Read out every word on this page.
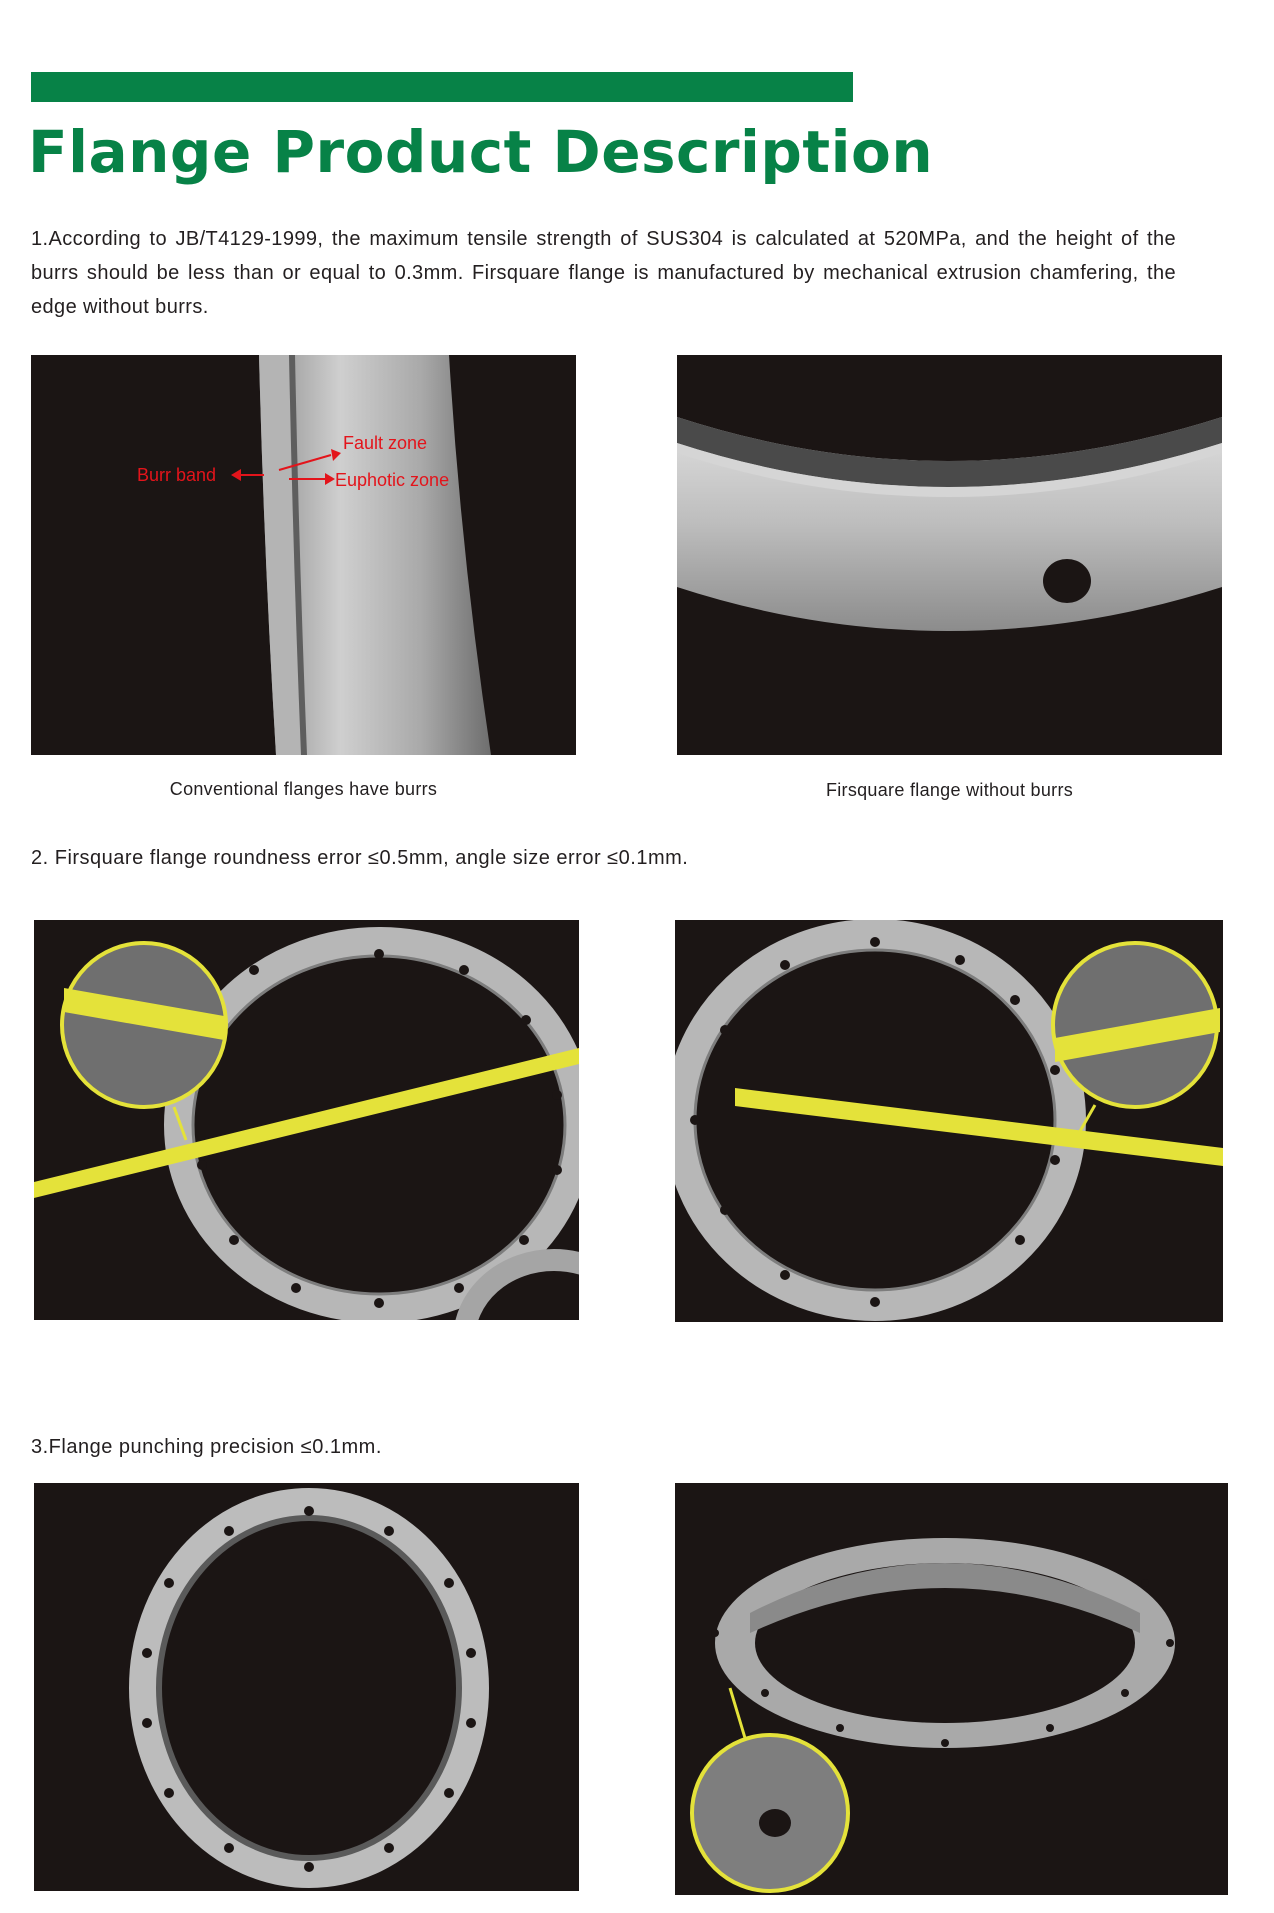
Flange Product Description

1.According to JB/T4129-1999, the maximum tensile strength of SUS304 is calculated at 520MPa, and the height of the burrs should be less than or equal to 0.3mm. Firsquare flange is manufactured by mechanical extrusion chamfering, the edge without burrs.

Fault zone
Burr band	Euphotic zone

Conventional flanges have burrs	Firsquare flange without burrs

2. Firsquare flange roundness error ≤0.5mm, angle size error ≤0.1mm.

3.Flange punching precision ≤0.1mm.
